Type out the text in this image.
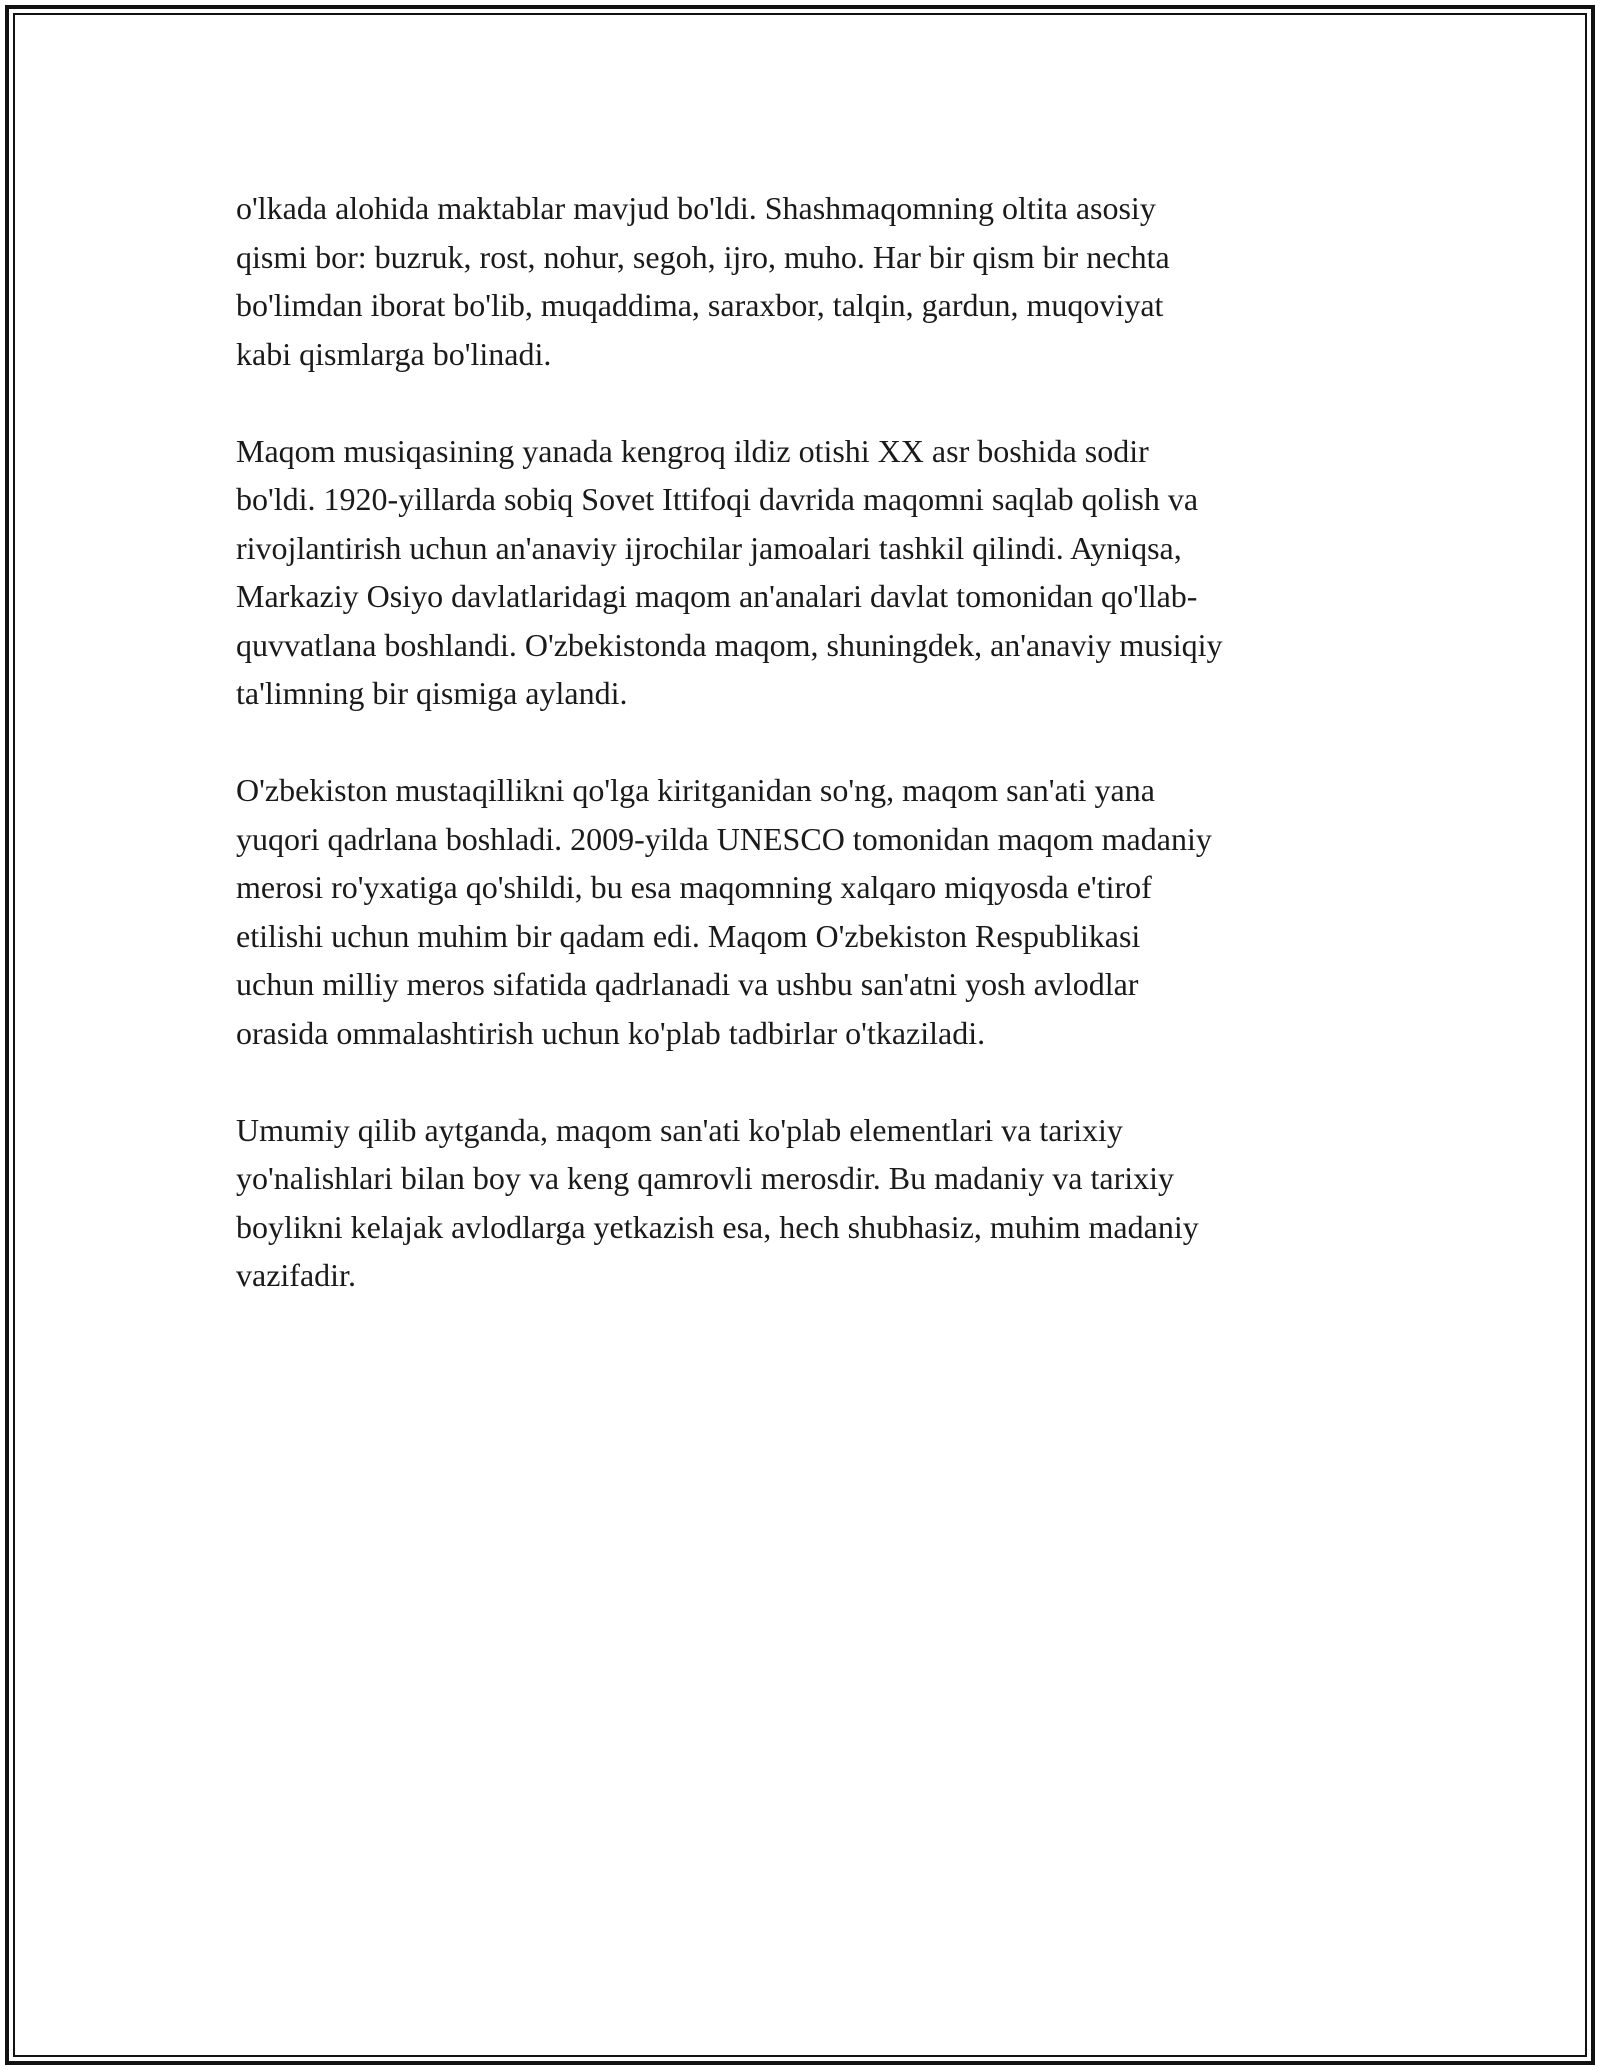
o'lkada alohida maktablar mavjud bo'ldi. Shashmaqomning oltita asosiy
qismi bor: buzruk, rost, nohur, segoh, ijro, muho. Har bir qism bir nechta
bo'limdan iborat bo'lib, muqaddima, saraxbor, talqin, gardun, muqoviyat
kabi qismlarga bo'linadi.

Maqom musiqasining yanada kengroq ildiz otishi XX asr boshida sodir
bo'ldi. 1920-yillarda sobiq Sovet Ittifoqi davrida maqomni saqlab qolish va
rivojlantirish uchun an'anaviy ijrochilar jamoalari tashkil qilindi. Ayniqsa,
Markaziy Osiyo davlatlaridagi maqom an'analari davlat tomonidan qo'llab-
quvvatlana boshlandi. O'zbekistonda maqom, shuningdek, an'anaviy musiqiy
ta'limning bir qismiga aylandi.

O'zbekiston mustaqillikni qo'lga kiritganidan so'ng, maqom san'ati yana
yuqori qadrlana boshladi. 2009-yilda UNESCO tomonidan maqom madaniy
merosi ro'yxatiga qo'shildi, bu esa maqomning xalqaro miqyosda e'tirof
etilishi uchun muhim bir qadam edi. Maqom O'zbekiston Respublikasi
uchun milliy meros sifatida qadrlanadi va ushbu san'atni yosh avlodlar
orasida ommalashtirish uchun ko'plab tadbirlar o'tkaziladi.

Umumiy qilib aytganda, maqom san'ati ko'plab elementlari va tarixiy
yo'nalishlari bilan boy va keng qamrovli merosdir. Bu madaniy va tarixiy
boylikni kelajak avlodlarga yetkazish esa, hech shubhasiz, muhim madaniy
vazifadir.
